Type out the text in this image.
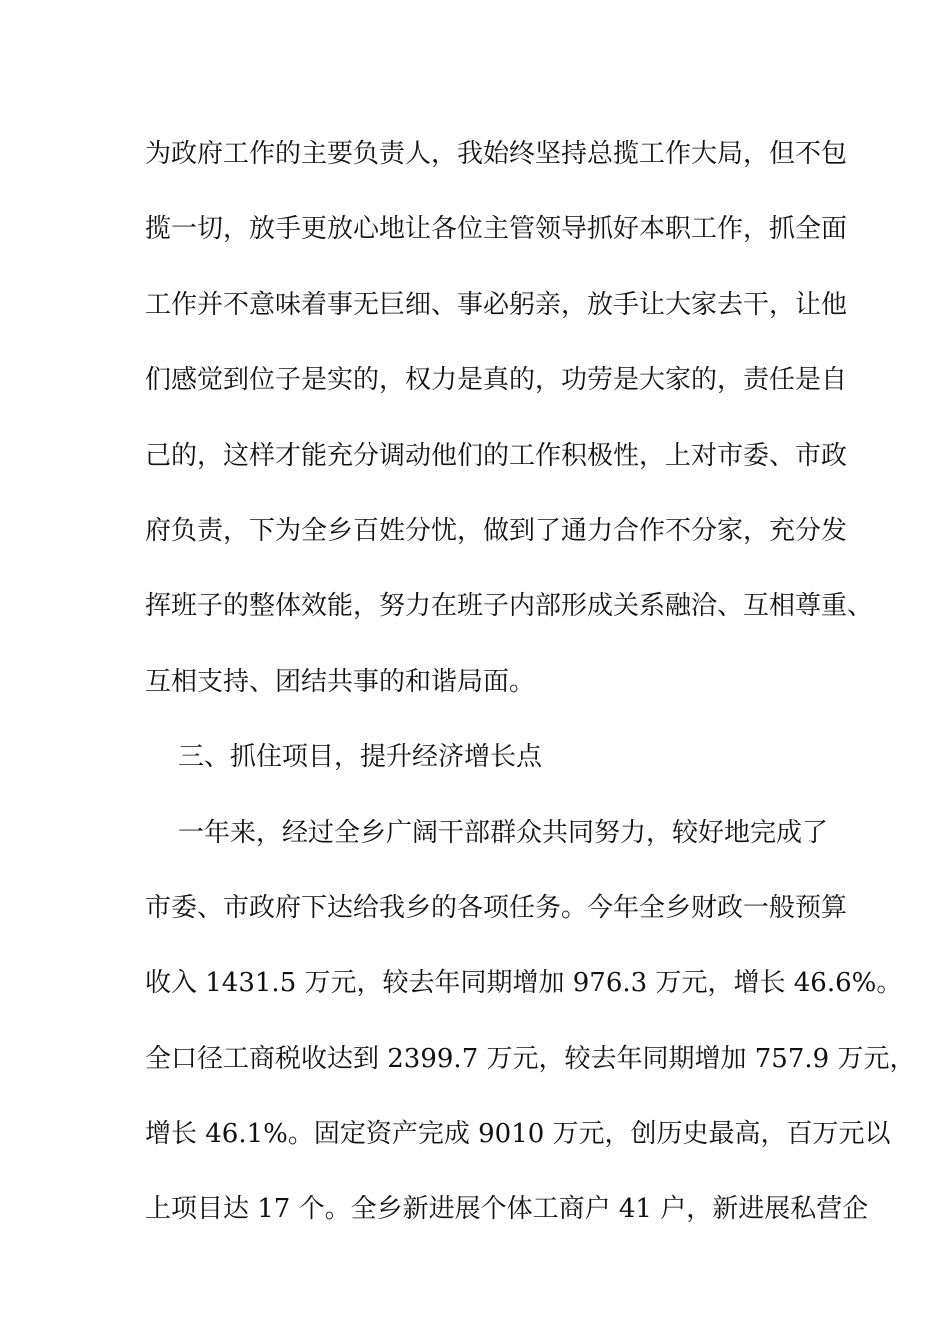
为政府工作的主要负责人，我始终坚持总揽工作大局，但不包
揽一切，放手更放心地让各位主管领导抓好本职工作，抓全面
工作并不意味着事无巨细、事必躬亲，放手让大家去干，让他
们感觉到位子是实的，权力是真的，功劳是大家的，责任是自
己的，这样才能充分调动他们的工作积极性，上对市委、市政
府负责，下为全乡百姓分忧，做到了通力合作不分家，充分发
挥班子的整体效能，努力在班子内部形成关系融洽、互相尊重、
互相支持、团结共事的和谐局面。
三、抓住项目，提升经济增长点
一年来，经过全乡广阔干部群众共同努力，较好地完成了
市委、市政府下达给我乡的各项任务。今年全乡财政一般预算
收入 1431.5 万元，较去年同期增加 976.3 万元，增长 46.6%。
全口径工商税收达到 2399.7 万元，较去年同期增加 757.9 万元，
增长 46.1%。固定资产完成 9010 万元，创历史最高，百万元以
上项目达 17 个。全乡新进展个体工商户 41 户，新进展私营企
